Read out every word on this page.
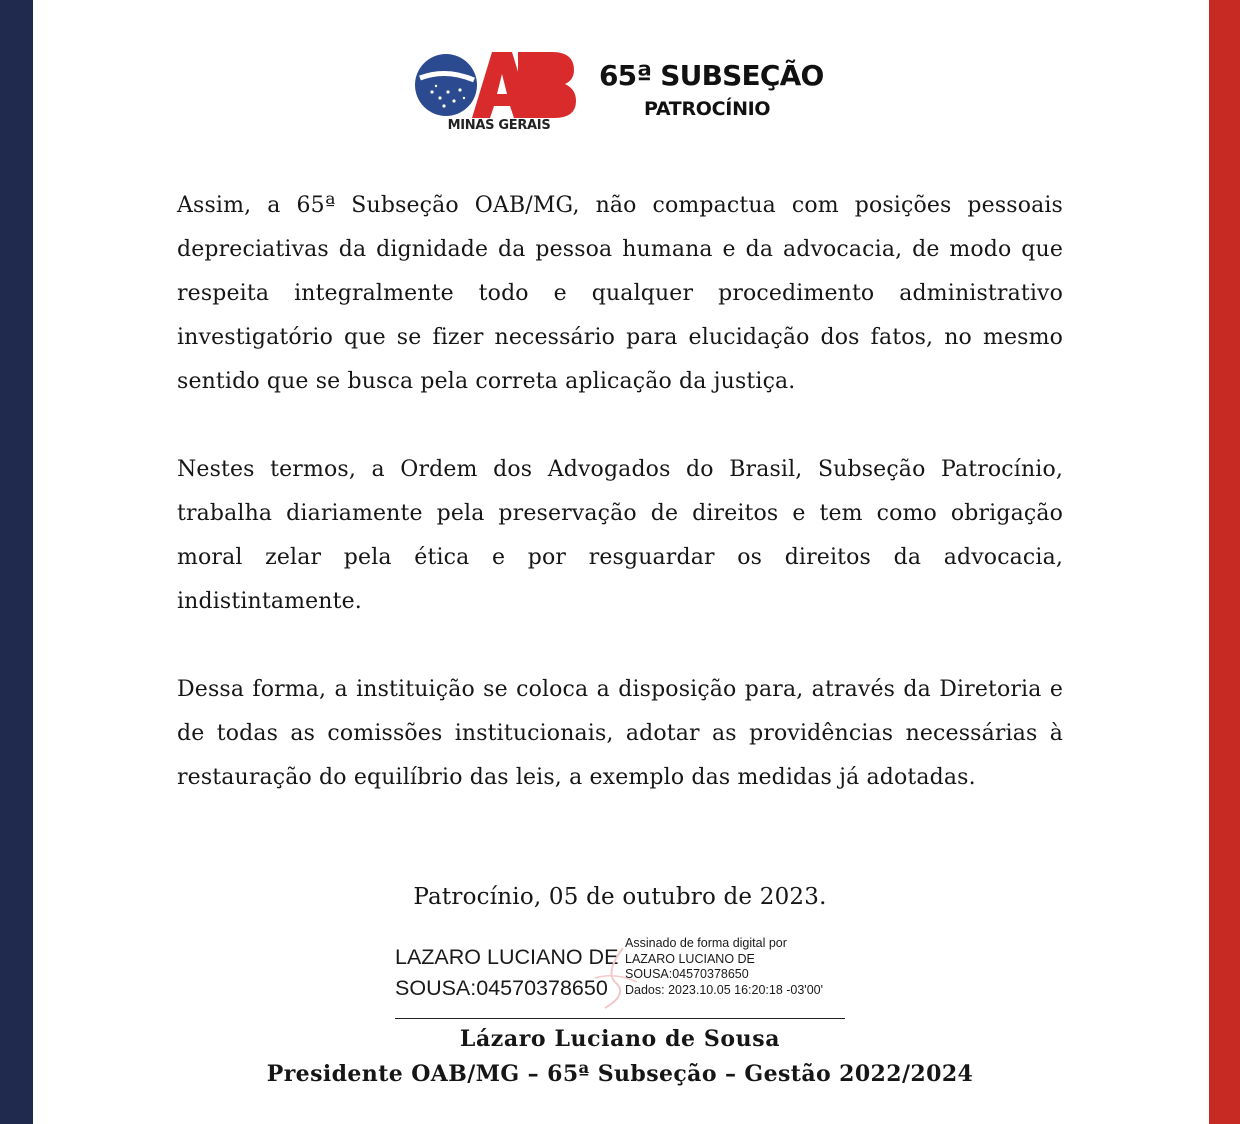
MINAS GERAIS
65ª SUBSEÇÃO
PATROCÍNIO

Assim, a 65ª Subseção OAB/MG, não compactua com posições pessoais depreciativas da dignidade da pessoa humana e da advocacia, de modo que respeita integralmente todo e qualquer procedimento administrativo investigatório que se fizer necessário para elucidação dos fatos, no mesmo sentido que se busca pela correta aplicação da justiça.

Nestes termos, a Ordem dos Advogados do Brasil, Subseção Patrocínio, trabalha diariamente pela preservação de direitos e tem como obrigação moral zelar pela ética e por resguardar os direitos da advocacia, indistintamente.

Dessa forma, a instituição se coloca a disposição para, através da Diretoria e de todas as comissões institucionais, adotar as providências necessárias à restauração do equilíbrio das leis, a exemplo das medidas já adotadas.

Patrocínio, 05 de outubro de 2023.
LAZARO LUCIANO DE
SOUSA:04570378650
Assinado de forma digital por
LAZARO LUCIANO DE
SOUSA:04570378650
Dados: 2023.10.05 16:20:18 -03'00'
Lázaro Luciano de Sousa
Presidente OAB/MG – 65ª Subseção – Gestão 2022/2024
